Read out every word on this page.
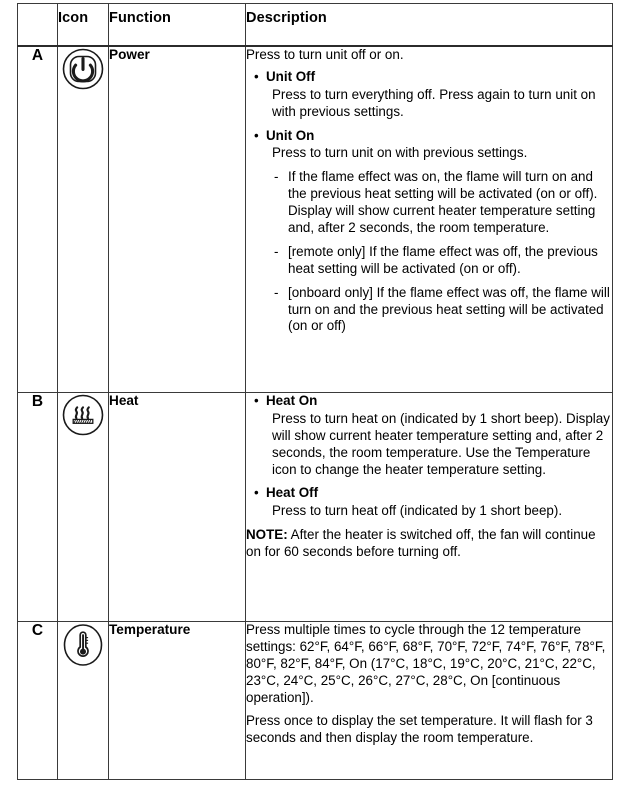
	Icon	Function	Description
A		Power	Press to turn unit off or on.

• Unit Off
Press to turn everything off. Press again to turn unit on with previous settings.
• Unit On
Press to turn unit on with previous settings.
- If the flame effect was on, the flame will turn on and the previous heat setting will be activated (on or off). Display will show current heater temperature setting and, after 2 seconds, the room temperature.
- [remote only] If the flame effect was off, the previous heat setting will be activated (on or off).
- [onboard only] If the flame effect was off, the flame will turn on and the previous heat setting will be activated (on or off)

B		Heat	• Heat On
Press to turn heat on (indicated by 1 short beep). Display will show current heater temperature setting and, after 2 seconds, the room temperature. Use the Temperature icon to change the heater temperature setting.
• Heat Off
Press to turn heat off (indicated by 1 short beep).

NOTE: After the heater is switched off, the fan will continue on for 60 seconds before turning off.

C		Temperature	Press multiple times to cycle through the 12 temperature settings: 62°F, 64°F, 66°F, 68°F, 70°F, 72°F, 74°F, 76°F, 78°F, 80°F, 82°F, 84°F, On (17°C, 18°C, 19°C, 20°C, 21°C, 22°C, 23°C, 24°C, 25°C, 26°C, 27°C, 28°C, On [continuous operation]).

Press once to display the set temperature. It will flash for 3 seconds and then display the room temperature.
